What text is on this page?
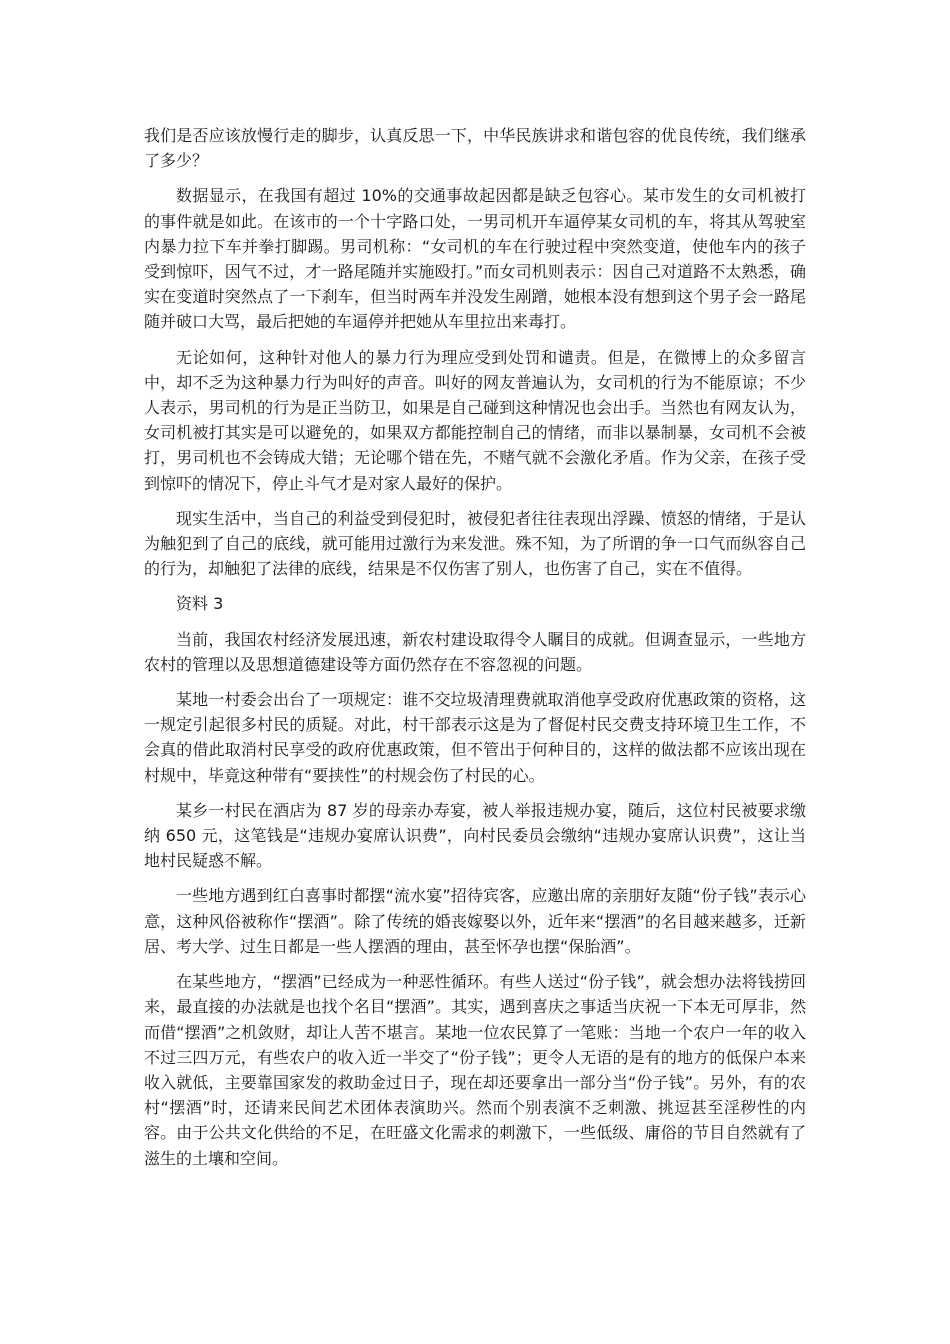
我们是否应该放慢行走的脚步，认真反思一下，中华民族讲求和谐包容的优良传统，我们继承了多少？

数据显示，在我国有超过 10%的交通事故起因都是缺乏包容心。某市发生的女司机被打的事件就是如此。在该市的一个十字路口处，一男司机开车逼停某女司机的车，将其从驾驶室内暴力拉下车并拳打脚踢。男司机称：“女司机的车在行驶过程中突然变道，使他车内的孩子受到惊吓，因气不过，才一路尾随并实施殴打。”而女司机则表示：因自己对道路不太熟悉，确实在变道时突然点了一下刹车，但当时两车并没发生剐蹭，她根本没有想到这个男子会一路尾随并破口大骂，最后把她的车逼停并把她从车里拉出来毒打。

无论如何，这种针对他人的暴力行为理应受到处罚和谴责。但是，在微博上的众多留言中，却不乏为这种暴力行为叫好的声音。叫好的网友普遍认为，女司机的行为不能原谅；不少人表示，男司机的行为是正当防卫，如果是自己碰到这种情况也会出手。当然也有网友认为，女司机被打其实是可以避免的，如果双方都能控制自己的情绪，而非以暴制暴，女司机不会被打，男司机也不会铸成大错；无论哪个错在先，不赌气就不会激化矛盾。作为父亲，在孩子受到惊吓的情况下，停止斗气才是对家人最好的保护。

现实生活中，当自己的利益受到侵犯时，被侵犯者往往表现出浮躁、愤怒的情绪，于是认为触犯到了自己的底线，就可能用过激行为来发泄。殊不知，为了所谓的争一口气而纵容自己的行为，却触犯了法律的底线，结果是不仅伤害了别人，也伤害了自己，实在不值得。

资料 3

当前，我国农村经济发展迅速，新农村建设取得令人瞩目的成就。但调查显示，一些地方农村的管理以及思想道德建设等方面仍然存在不容忽视的问题。

某地一村委会出台了一项规定：谁不交垃圾清理费就取消他享受政府优惠政策的资格，这一规定引起很多村民的质疑。对此，村干部表示这是为了督促村民交费支持环境卫生工作，不会真的借此取消村民享受的政府优惠政策，但不管出于何种目的，这样的做法都不应该出现在村规中，毕竟这种带有“要挟性”的村规会伤了村民的心。

某乡一村民在酒店为 87 岁的母亲办寿宴，被人举报违规办宴，随后，这位村民被要求缴纳 650 元，这笔钱是“违规办宴席认识费”，向村民委员会缴纳“违规办宴席认识费”，这让当地村民疑惑不解。

一些地方遇到红白喜事时都摆“流水宴”招待宾客，应邀出席的亲朋好友随“份子钱”表示心意，这种风俗被称作“摆酒”。除了传统的婚丧嫁娶以外，近年来“摆酒”的名目越来越多，迁新居、考大学、过生日都是一些人摆酒的理由，甚至怀孕也摆“保胎酒”。

在某些地方，“摆酒”已经成为一种恶性循环。有些人送过“份子钱”，就会想办法将钱捞回来，最直接的办法就是也找个名目“摆酒”。其实，遇到喜庆之事适当庆祝一下本无可厚非，然而借“摆酒”之机敛财，却让人苦不堪言。某地一位农民算了一笔账：当地一个农户一年的收入不过三四万元，有些农户的收入近一半交了“份子钱”；更令人无语的是有的地方的低保户本来收入就低，主要靠国家发的救助金过日子，现在却还要拿出一部分当“份子钱”。另外，有的农村“摆酒”时，还请来民间艺术团体表演助兴。然而个别表演不乏刺激、挑逗甚至淫秽性的内容。由于公共文化供给的不足，在旺盛文化需求的刺激下，一些低级、庸俗的节目自然就有了滋生的土壤和空间。
